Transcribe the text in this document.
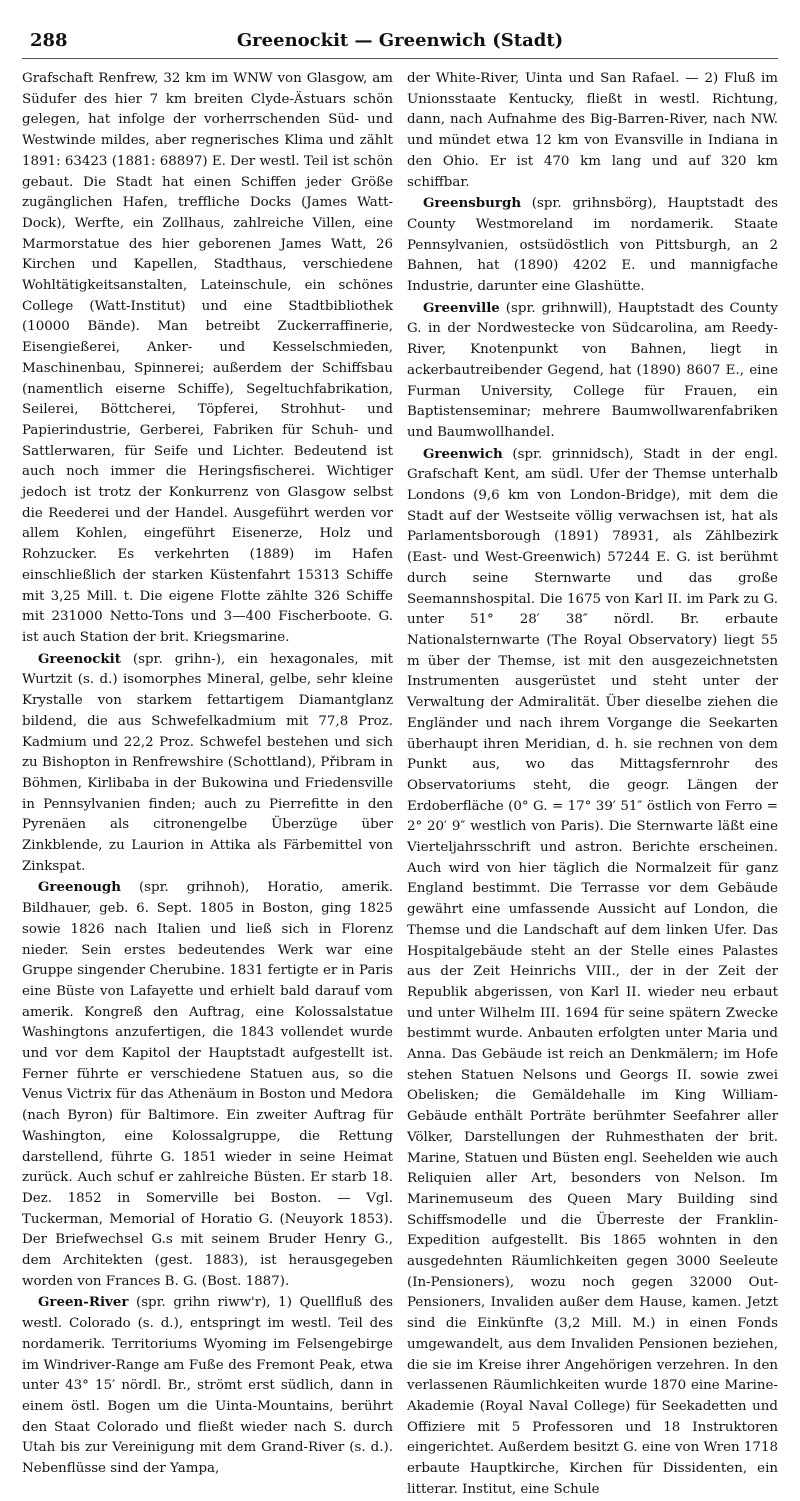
288	Greenockit — Greenwich (Stadt)

Grafschaft Renfrew, 32 km im WNW von Glasgow, am Südufer des hier 7 km breiten Clyde-Ästuars schön gelegen, hat infolge der vorherrschenden Süd- und Westwinde mildes, aber regnerisches Klima und zählt 1891: 63423 (1881: 68897) E. Der westl. Teil ist schön gebaut. Die Stadt hat einen Schiffen jeder Größe zugänglichen Hafen, treffliche Docks (James Watt-Dock), Werfte, ein Zollhaus, zahlreiche Villen, eine Marmorstatue des hier geborenen James Watt, 26 Kirchen und Kapellen, Stadthaus, verschiedene Wohltätigkeitsanstalten, Lateinschule, ein schönes College (Watt-Institut) und eine Stadtbibliothek (10000 Bände). Man betreibt Zuckerraffinerie, Eisengießerei, Anker- und Kesselschmieden, Maschinenbau, Spinnerei; außerdem der Schiffsbau (namentlich eiserne Schiffe), Segeltuchfabrikation, Seilerei, Böttcherei, Töpferei, Strohhut- und Papierindustrie, Gerberei, Fabriken für Schuh- und Sattlerwaren, für Seife und Lichter. Bedeutend ist auch noch immer die Heringsfischerei. Wichtiger jedoch ist trotz der Konkurrenz von Glasgow selbst die Reederei und der Handel. Ausgeführt werden vor allem Kohlen, eingeführt Eisenerze, Holz und Rohzucker. Es verkehrten (1889) im Hafen einschließlich der starken Küstenfahrt 15313 Schiffe mit 3,25 Mill. t. Die eigene Flotte zählte 326 Schiffe mit 231000 Netto-Tons und 3—400 Fischerboote. G. ist auch Station der brit. Kriegsmarine.

Greenockit (spr. grihn-), ein hexagonales, mit Wurtzit (s. d.) isomorphes Mineral, gelbe, sehr kleine Krystalle von starkem fettartigem Diamantglanz bildend, die aus Schwefelkadmium mit 77,8 Proz. Kadmium und 22,2 Proz. Schwefel bestehen und sich zu Bishopton in Renfrewshire (Schottland), Přibram in Böhmen, Kirlibaba in der Bukowina und Friedensville in Pennsylvanien finden; auch zu Pierrefitte in den Pyrenäen als citronengelbe Überzüge über Zinkblende, zu Laurion in Attika als Färbemittel von Zinkspat.

Greenough (spr. grihnoh), Horatio, amerik. Bildhauer, geb. 6. Sept. 1805 in Boston, ging 1825 sowie 1826 nach Italien und ließ sich in Florenz nieder. Sein erstes bedeutendes Werk war eine Gruppe singender Cherubine. 1831 fertigte er in Paris eine Büste von Lafayette und erhielt bald darauf vom amerik. Kongreß den Auftrag, eine Kolossalstatue Washingtons anzufertigen, die 1843 vollendet wurde und vor dem Kapitol der Hauptstadt aufgestellt ist. Ferner führte er verschiedene Statuen aus, so die Venus Victrix für das Athenäum in Boston und Medora (nach Byron) für Baltimore. Ein zweiter Auftrag für Washington, eine Kolossalgruppe, die Rettung darstellend, führte G. 1851 wieder in seine Heimat zurück. Auch schuf er zahlreiche Büsten. Er starb 18. Dez. 1852 in Somerville bei Boston. — Vgl. Tuckerman, Memorial of Horatio G. (Neuyork 1853). Der Briefwechsel G.s mit seinem Bruder Henry G., dem Architekten (gest. 1883), ist herausgegeben worden von Frances B. G. (Bost. 1887).

Green-River (spr. grihn riww'r), 1) Quellfluß des westl. Colorado (s. d.), entspringt im westl. Teil des nordamerik. Territoriums Wyoming im Felsengebirge im Windriver-Range am Fuße des Fremont Peak, etwa unter 43° 15′ nördl. Br., strömt erst südlich, dann in einem östl. Bogen um die Uinta-Mountains, berührt den Staat Colorado und fließt wieder nach S. durch Utah bis zur Vereinigung mit dem Grand-River (s. d.). Nebenflüsse sind der Yampa,

der White-River, Uinta und San Rafael. — 2) Fluß im Unionsstaate Kentucky, fließt in westl. Richtung, dann, nach Aufnahme des Big-Barren-River, nach NW. und mündet etwa 12 km von Evansville in Indiana in den Ohio. Er ist 470 km lang und auf 320 km schiffbar.

Greensburgh (spr. grihnsbörg), Hauptstadt des County Westmoreland im nordamerik. Staate Pennsylvanien, ostsüdöstlich von Pittsburgh, an 2 Bahnen, hat (1890) 4202 E. und mannigfache Industrie, darunter eine Glashütte.

Greenville (spr. grihnwill), Hauptstadt des County G. in der Nordwestecke von Südcarolina, am Reedy-River, Knotenpunkt von Bahnen, liegt in ackerbautreibender Gegend, hat (1890) 8607 E., eine Furman University, College für Frauen, ein Baptistenseminar; mehrere Baumwollwarenfabriken und Baumwollhandel.

Greenwich (spr. grinnidsch), Stadt in der engl. Grafschaft Kent, am südl. Ufer der Themse unterhalb Londons (9,6 km von London-Bridge), mit dem die Stadt auf der Westseite völlig verwachsen ist, hat als Parlamentsborough (1891) 78931, als Zählbezirk (East- und West-Greenwich) 57244 E. G. ist berühmt durch seine Sternwarte und das große Seemannshospital. Die 1675 von Karl II. im Park zu G. unter 51° 28′ 38″ nördl. Br. erbaute Nationalsternwarte (The Royal Observatory) liegt 55 m über der Themse, ist mit den ausgezeichnetsten Instrumenten ausgerüstet und steht unter der Verwaltung der Admiralität. Über dieselbe ziehen die Engländer und nach ihrem Vorgange die Seekarten überhaupt ihren Meridian, d. h. sie rechnen von dem Punkt aus, wo das Mittagsfernrohr des Observatoriums steht, die geogr. Längen der Erdoberfläche (0° G. = 17° 39′ 51″ östlich von Ferro = 2° 20′ 9″ westlich von Paris). Die Sternwarte läßt eine Vierteljahrsschrift und astron. Berichte erscheinen. Auch wird von hier täglich die Normalzeit für ganz England bestimmt. Die Terrasse vor dem Gebäude gewährt eine umfassende Aussicht auf London, die Themse und die Landschaft auf dem linken Ufer. Das Hospitalgebäude steht an der Stelle eines Palastes aus der Zeit Heinrichs VIII., der in der Zeit der Republik abgerissen, von Karl II. wieder neu erbaut und unter Wilhelm III. 1694 für seine spätern Zwecke bestimmt wurde. Anbauten erfolgten unter Maria und Anna. Das Gebäude ist reich an Denkmälern; im Hofe stehen Statuen Nelsons und Georgs II. sowie zwei Obelisken; die Gemäldehalle im King William-Gebäude enthält Porträte berühmter Seefahrer aller Völker, Darstellungen der Ruhmesthaten der brit. Marine, Statuen und Büsten engl. Seehelden wie auch Reliquien aller Art, besonders von Nelson. Im Marinemuseum des Queen Mary Building sind Schiffsmodelle und die Überreste der Franklin-Expedition aufgestellt. Bis 1865 wohnten in den ausgedehnten Räumlichkeiten gegen 3000 Seeleute (In-Pensioners), wozu noch gegen 32000 Out-Pensioners, Invaliden außer dem Hause, kamen. Jetzt sind die Einkünfte (3,2 Mill. M.) in einen Fonds umgewandelt, aus dem Invaliden Pensionen beziehen, die sie im Kreise ihrer Angehörigen verzehren. In den verlassenen Räumlichkeiten wurde 1870 eine Marine-Akademie (Royal Naval College) für Seekadetten und Offiziere mit 5 Professoren und 18 Instruktoren eingerichtet. Außerdem besitzt G. eine von Wren 1718 erbaute Hauptkirche, Kirchen für Dissidenten, ein litterar. Institut, eine Schule
